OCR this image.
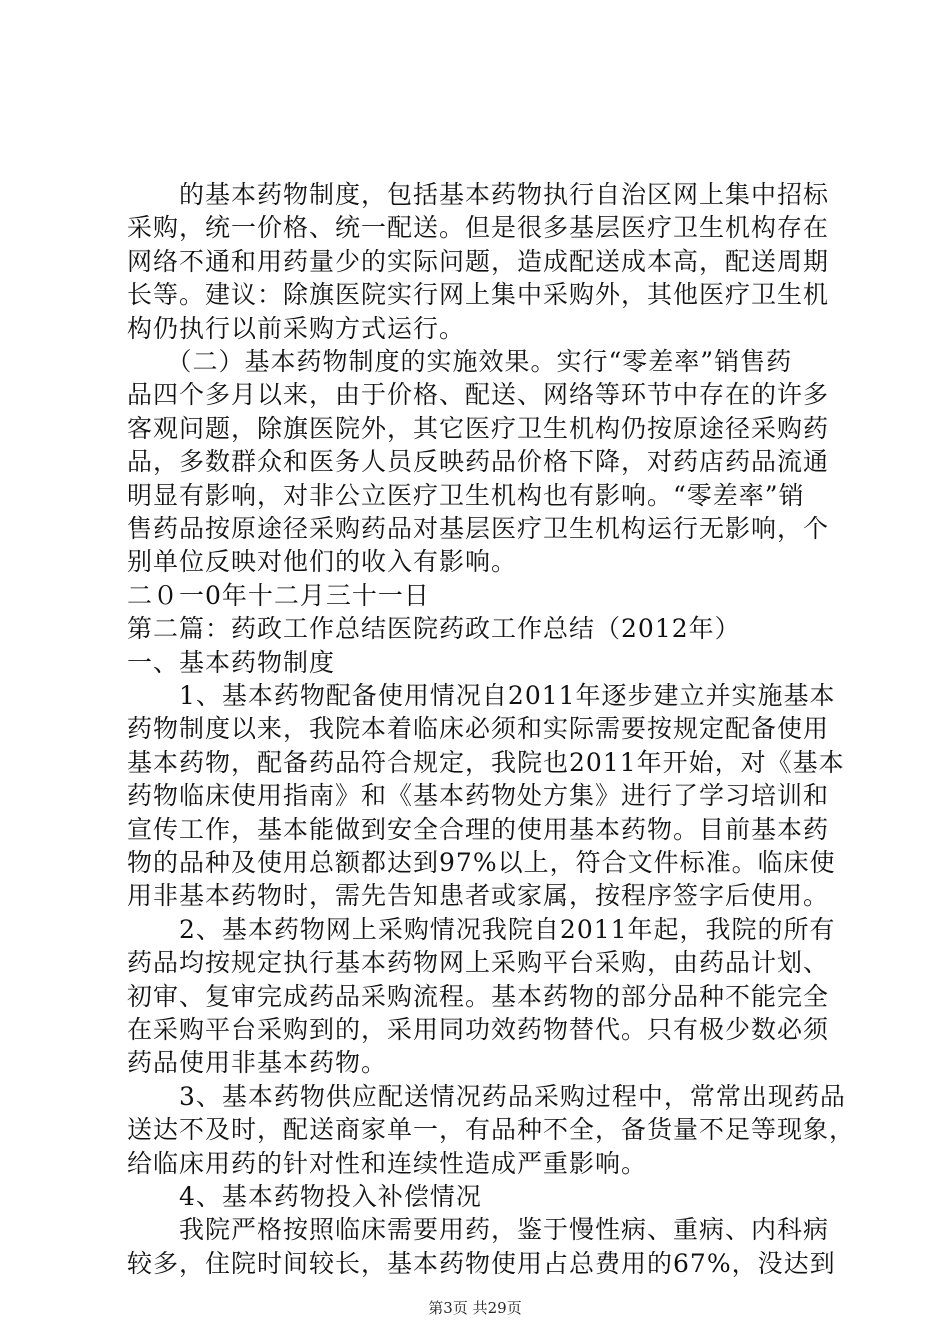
　　的基本药物制度，包括基本药物执行自治区网上集中招标
采购，统一价格、统一配送。但是很多基层医疗卫生机构存在
网络不通和用药量少的实际问题，造成配送成本高，配送周期
长等。建议：除旗医院实行网上集中采购外，其他医疗卫生机
构仍执行以前采购方式运行。
　　（二）基本药物制度的实施效果。实行“零差率”销售药
品四个多月以来，由于价格、配送、网络等环节中存在的许多
客观问题，除旗医院外，其它医疗卫生机构仍按原途径采购药
品，多数群众和医务人员反映药品价格下降，对药店药品流通
明显有影响，对非公立医疗卫生机构也有影响。“零差率”销
售药品按原途径采购药品对基层医疗卫生机构运行无影响，个
别单位反映对他们的收入有影响。
二０一0年十二月三十一日
第二篇：药政工作总结医院药政工作总结（2012年）
一、基本药物制度
　　1、基本药物配备使用情况自2011年逐步建立并实施基本
药物制度以来，我院本着临床必须和实际需要按规定配备使用
基本药物，配备药品符合规定，我院也2011年开始，对《基本
药物临床使用指南》和《基本药物处方集》进行了学习培训和
宣传工作，基本能做到安全合理的使用基本药物。目前基本药
物的品种及使用总额都达到97%以上，符合文件标准。临床使
用非基本药物时，需先告知患者或家属，按程序签字后使用。
　　2、基本药物网上采购情况我院自2011年起，我院的所有
药品均按规定执行基本药物网上采购平台采购，由药品计划、
初审、复审完成药品采购流程。基本药物的部分品种不能完全
在采购平台采购到的，采用同功效药物替代。只有极少数必须
药品使用非基本药物。
　　3、基本药物供应配送情况药品采购过程中，常常出现药品
送达不及时，配送商家单一，有品种不全，备货量不足等现象，
给临床用药的针对性和连续性造成严重影响。
　　4、基本药物投入补偿情况
　　我院严格按照临床需要用药，鉴于慢性病、重病、内科病
较多，住院时间较长，基本药物使用占总费用的67%，没达到
第3页 共29页
